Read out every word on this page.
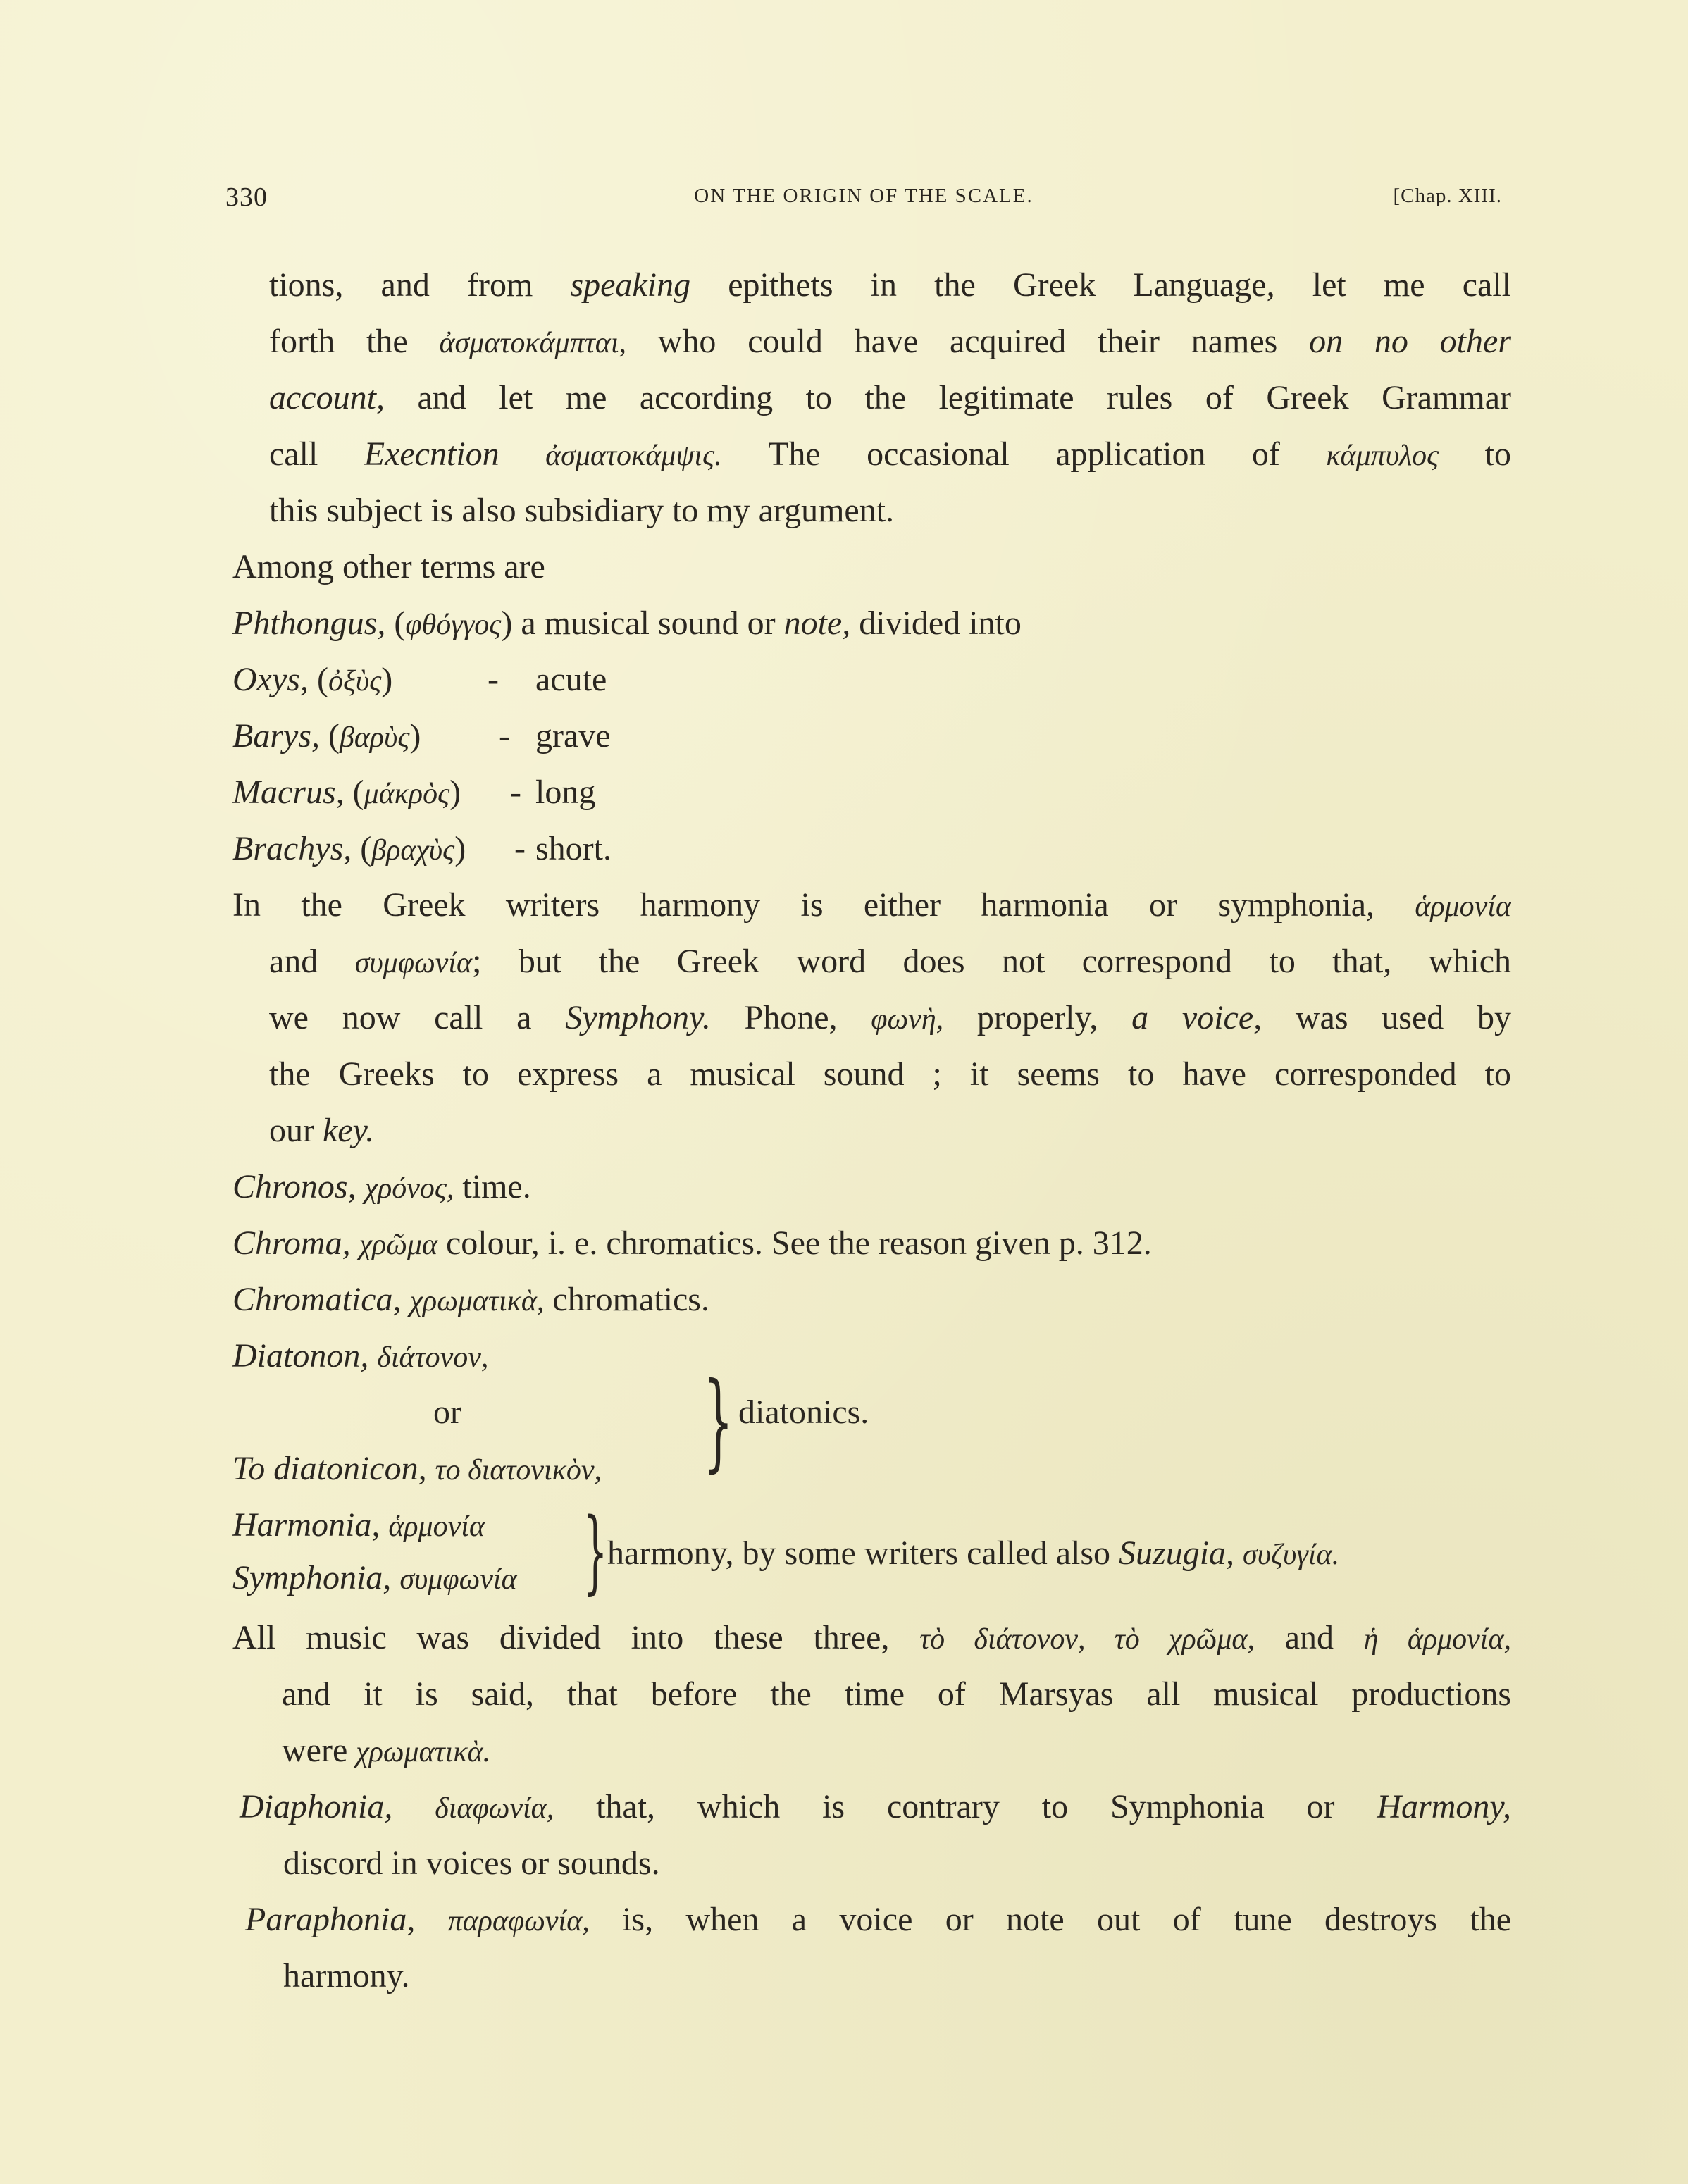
330	ON THE ORIGIN OF THE SCALE.	[Chap. XIII.
tions, and from speaking epithets in the Greek Language, let me call
forth the ἀσματοκάμπται, who could have acquired their names on no other
account, and let me according to the legitimate rules of Greek Grammar
call Execntion ἀσματοκάμψις. The occasional application of κάμπυλος to
this subject is also subsidiary to my argument.
Among other terms are
Phthongus, (φθόγγος) a musical sound or note, divided into
Oxys, (ὀξὺς)	- acute
Barys, (βαρὺς) - grave
Macrus, (μάκρὸς) - long
Brachys, (βραχὺς) - short.
In the Greek writers harmony is either harmonia or symphonia, ἁρμονία
and συμφωνία; but the Greek word does not correspond to that, which
we now call a Symphony. Phone, φωνὴ, properly, a voice, was used by
the Greeks to express a musical sound ; it seems to have corresponded to
our key.
Chronos, χρόνος, time.
Chroma, χρῶμα colour, i. e. chromatics. See the reason given p. 312.
Chromatica, χρωματικὰ, chromatics.
Diatonon, διάτονον,
or
To diatonicon, το διατονικὸν, } diatonics.
Harmonia, ἁρμονία
Symphonia, συμφωνία } harmony, by some writers called also Suzugia, συζυγία.
All music was divided into these three, τὸ διάτονον, τὸ χρῶμα, and ἡ ἁρμονία,
and it is said, that before the time of Marsyas all musical productions
were χρωματικὰ.
Diaphonia, διαφωνία, that, which is contrary to Symphonia or Harmony,
discord in voices or sounds.
Paraphonia, παραφωνία, is, when a voice or note out of tune destroys the
harmony.
